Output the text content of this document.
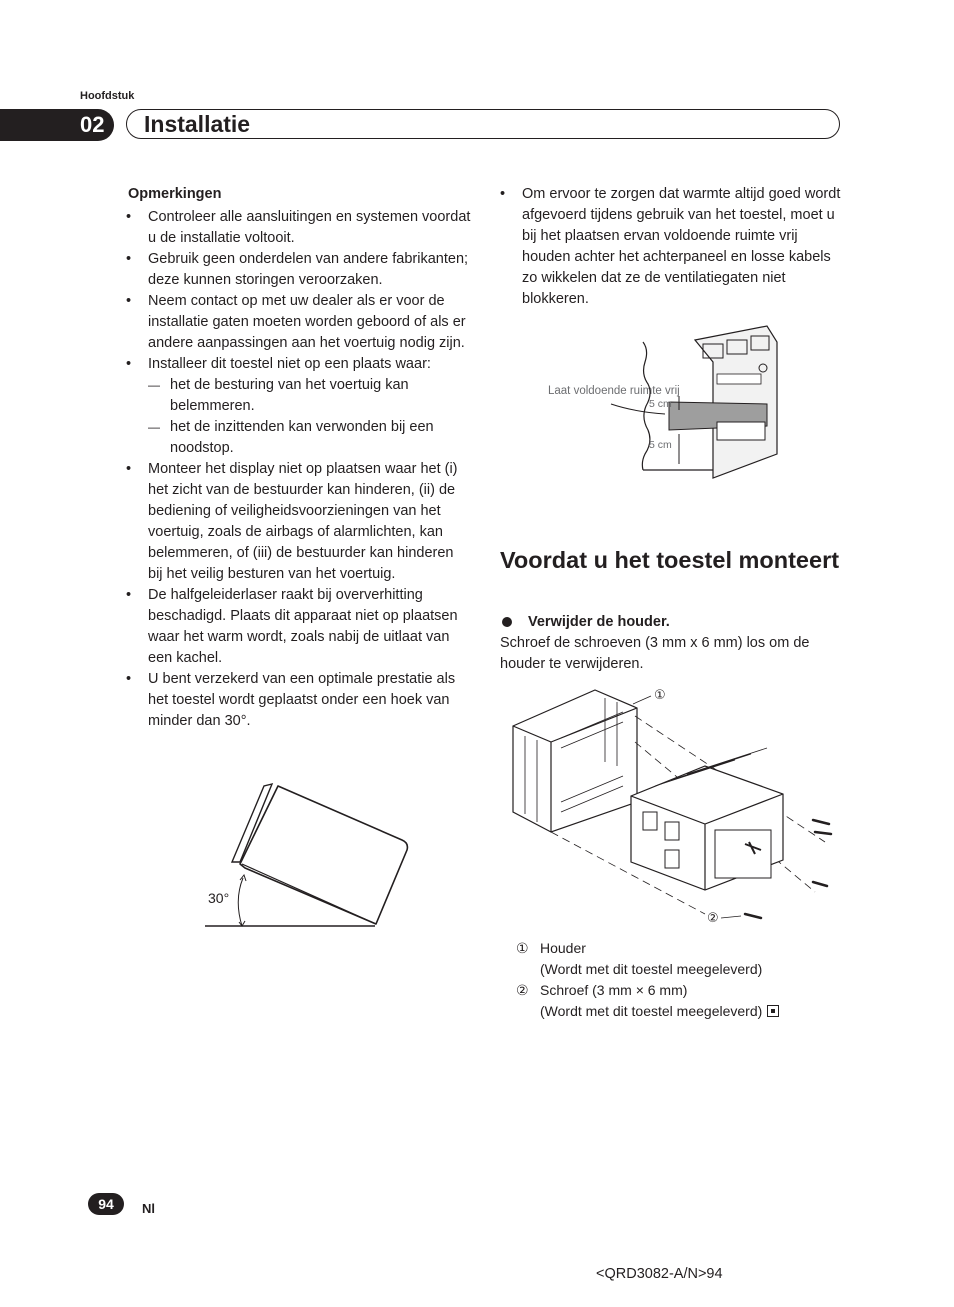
Hoofdstuk
02 Installatie
Opmerkingen
• Controleer alle aansluitingen en systemen voordat u de installatie voltooit.
• Gebruik geen onderdelen van andere fabrikanten; deze kunnen storingen veroorzaken.
• Neem contact op met uw dealer als er voor de installatie gaten moeten worden geboord of als er andere aanpassingen aan het voertuig nodig zijn.
• Installeer dit toestel niet op een plaats waar:
— het de besturing van het voertuig kan belemmeren.
— het de inzittenden kan verwonden bij een noodstop.
• Monteer het display niet op plaatsen waar het (i) het zicht van de bestuurder kan hinderen, (ii) de bediening of veiligheidsvoorzieningen van het voertuig, zoals de airbags of alarmlichten, kan belemmeren, of (iii) de bestuurder kan hinderen bij het veilig besturen van het voertuig.
• De halfgeleiderlaser raakt bij oververhitting beschadigd. Plaats dit apparaat niet op plaatsen waar het warm wordt, zoals nabij de uitlaat van een kachel.
• U bent verzekerd van een optimale prestatie als het toestel wordt geplaatst onder een hoek van minder dan 30°.
30°
• Om ervoor te zorgen dat warmte altijd goed wordt afgevoerd tijdens gebruik van het toestel, moet u bij het plaatsen ervan voldoende ruimte vrij houden achter het achterpaneel en losse kabels zo wikkelen dat ze de ventilatiegaten niet blokkeren.
Laat voldoende ruimte vrij
5 cm
5 cm
Voordat u het toestel monteert
Verwijder de houder.
Schroef de schroeven (3 mm x 6 mm) los om de houder te verwijderen.
①
②
① Houder
(Wordt met dit toestel meegeleverd)
② Schroef (3 mm × 6 mm)
(Wordt met dit toestel meegeleverd)
94	Nl
<QRD3082-A/N>94
